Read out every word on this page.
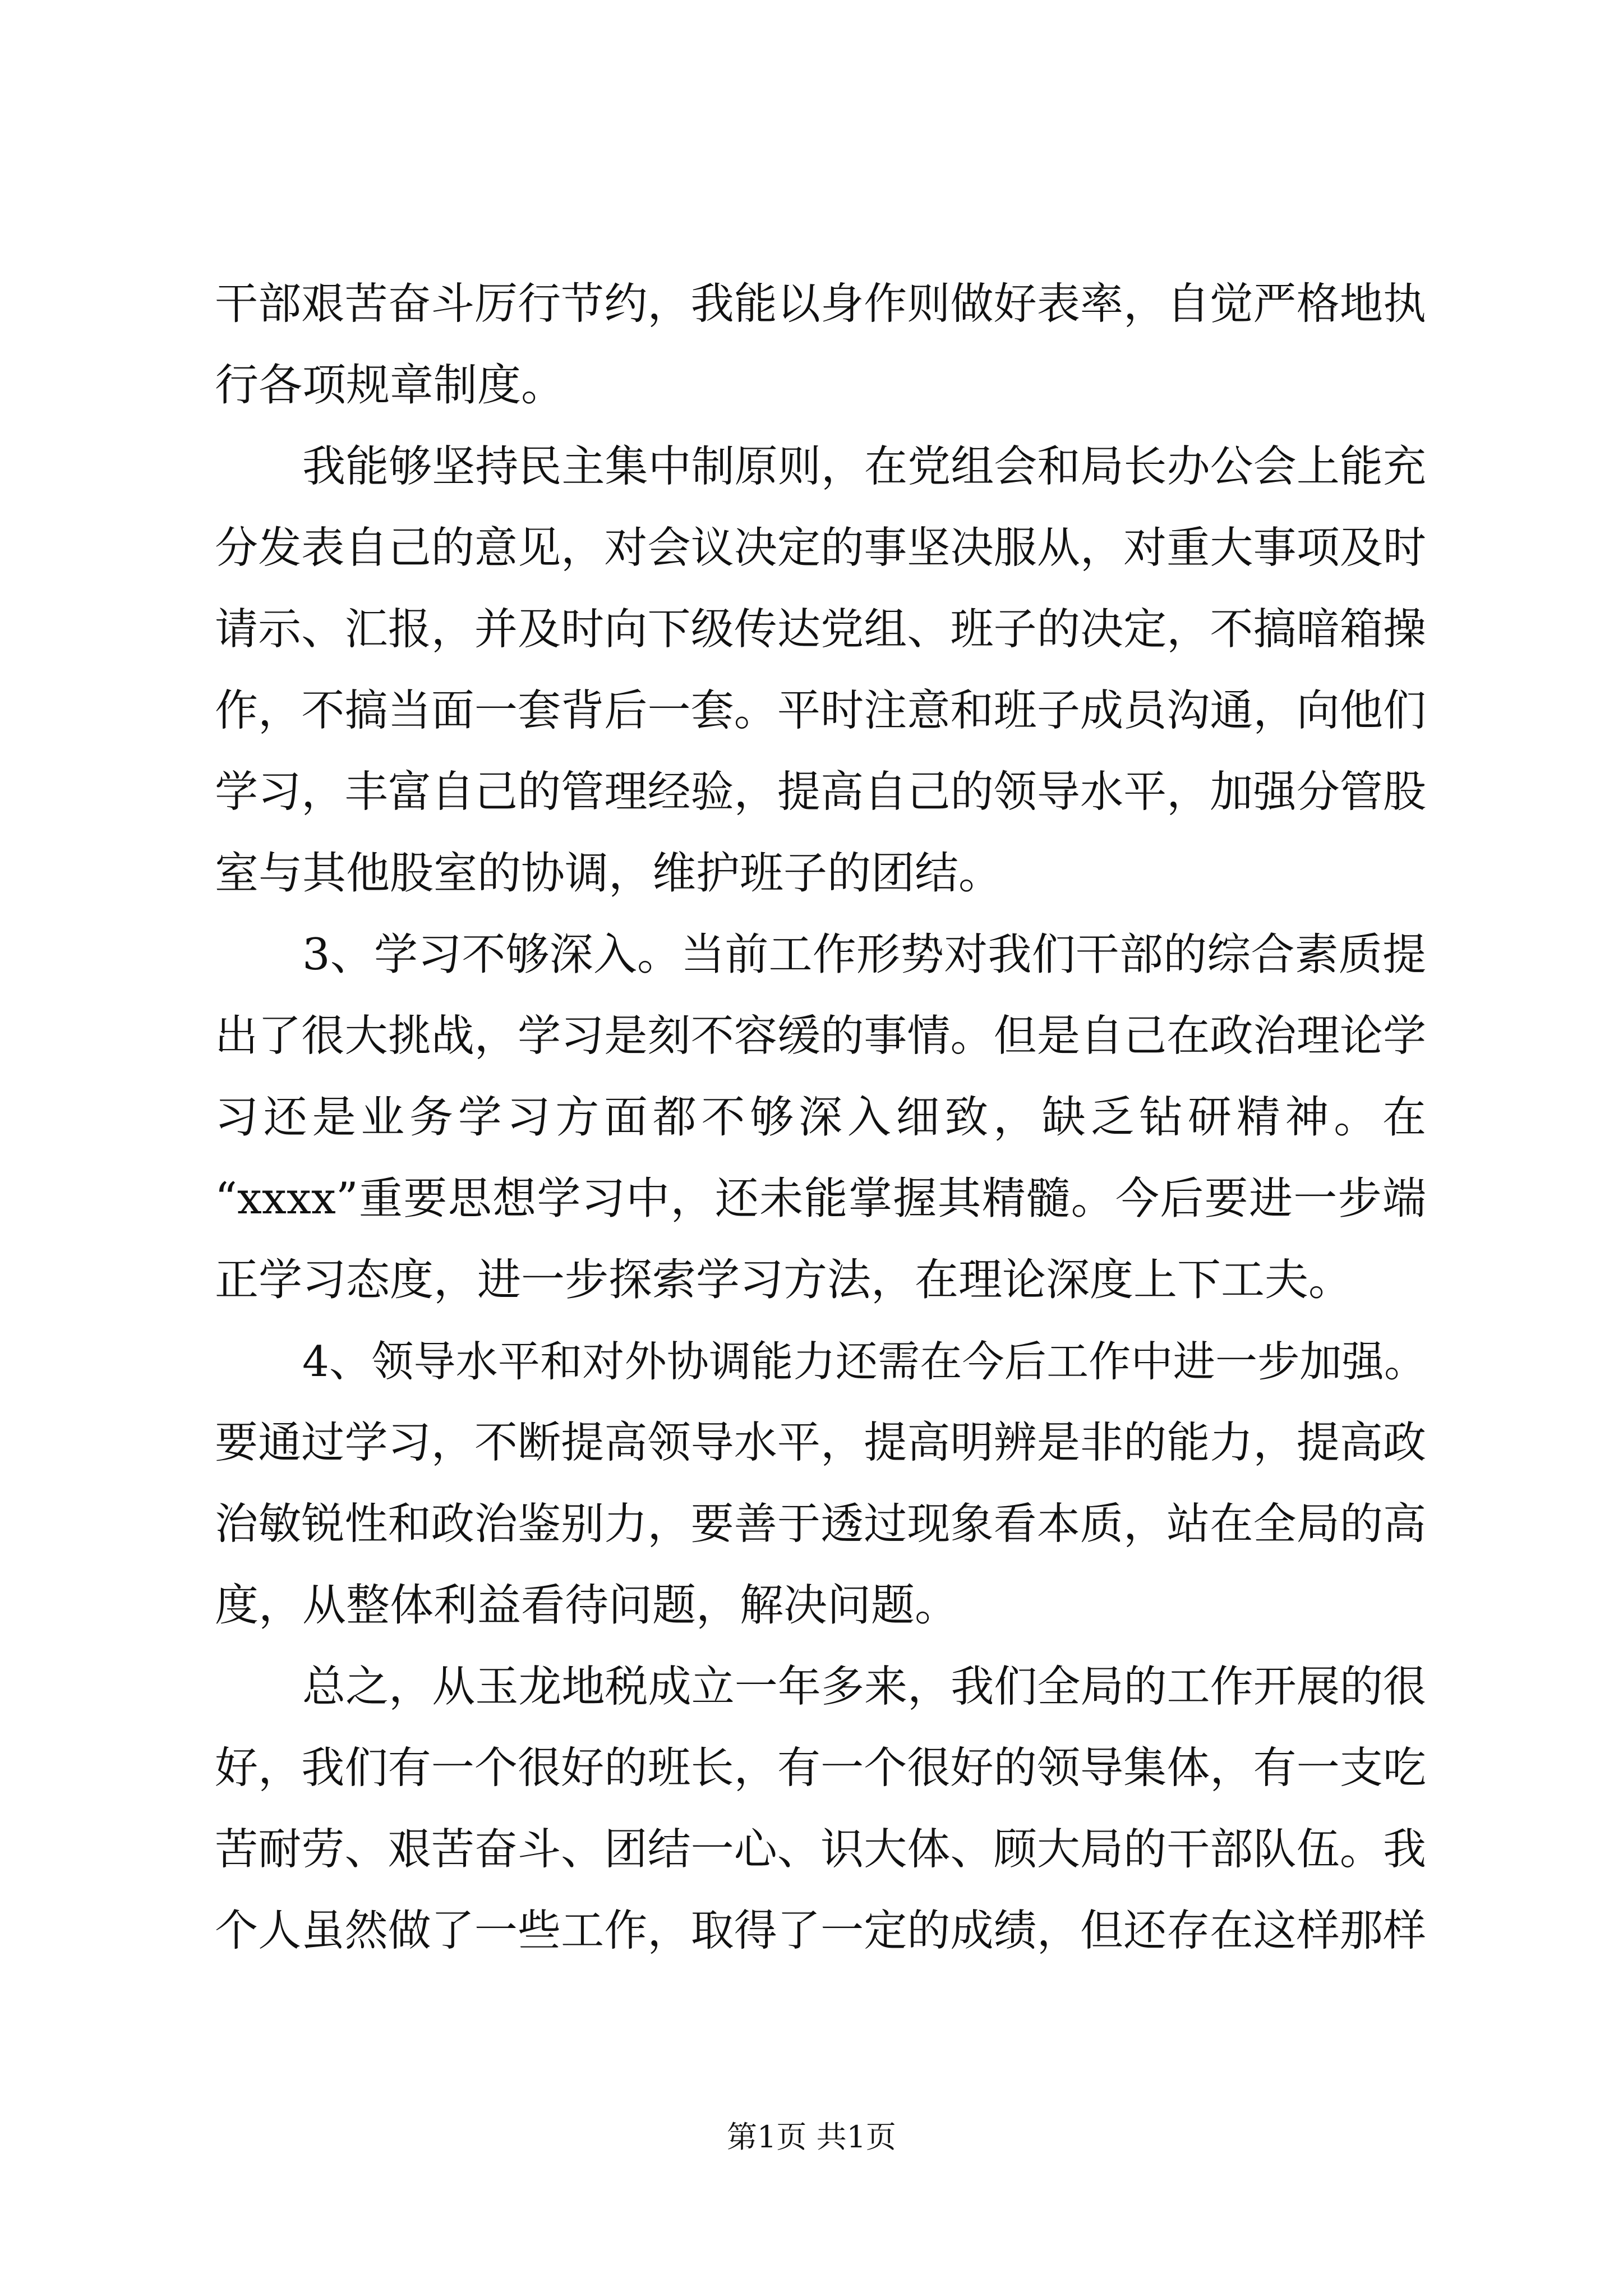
干部艰苦奋斗厉行节约，我能以身作则做好表率，自觉严格地执
行各项规章制度。
我能够坚持民主集中制原则，在党组会和局长办公会上能充
分发表自己的意见，对会议决定的事坚决服从，对重大事项及时
请示、汇报，并及时向下级传达党组、班子的决定，不搞暗箱操
作，不搞当面一套背后一套。平时注意和班子成员沟通，向他们
学习，丰富自己的管理经验，提高自己的领导水平，加强分管股
室与其他股室的协调，维护班子的团结。
3、学习不够深入。当前工作形势对我们干部的综合素质提
出了很大挑战，学习是刻不容缓的事情。但是自己在政治理论学
习还是业务学习方面都不够深入细致，缺乏钻研精神。在
“xxxx”重要思想学习中，还未能掌握其精髓。今后要进一步端
正学习态度，进一步探索学习方法，在理论深度上下工夫。
4、领导水平和对外协调能力还需在今后工作中进一步加强。
要通过学习，不断提高领导水平，提高明辨是非的能力，提高政
治敏锐性和政治鉴别力，要善于透过现象看本质，站在全局的高
度，从整体利益看待问题，解决问题。
总之，从玉龙地税成立一年多来，我们全局的工作开展的很
好，我们有一个很好的班长，有一个很好的领导集体，有一支吃
苦耐劳、艰苦奋斗、团结一心、识大体、顾大局的干部队伍。我
个人虽然做了一些工作，取得了一定的成绩，但还存在这样那样
第1页 共1页
